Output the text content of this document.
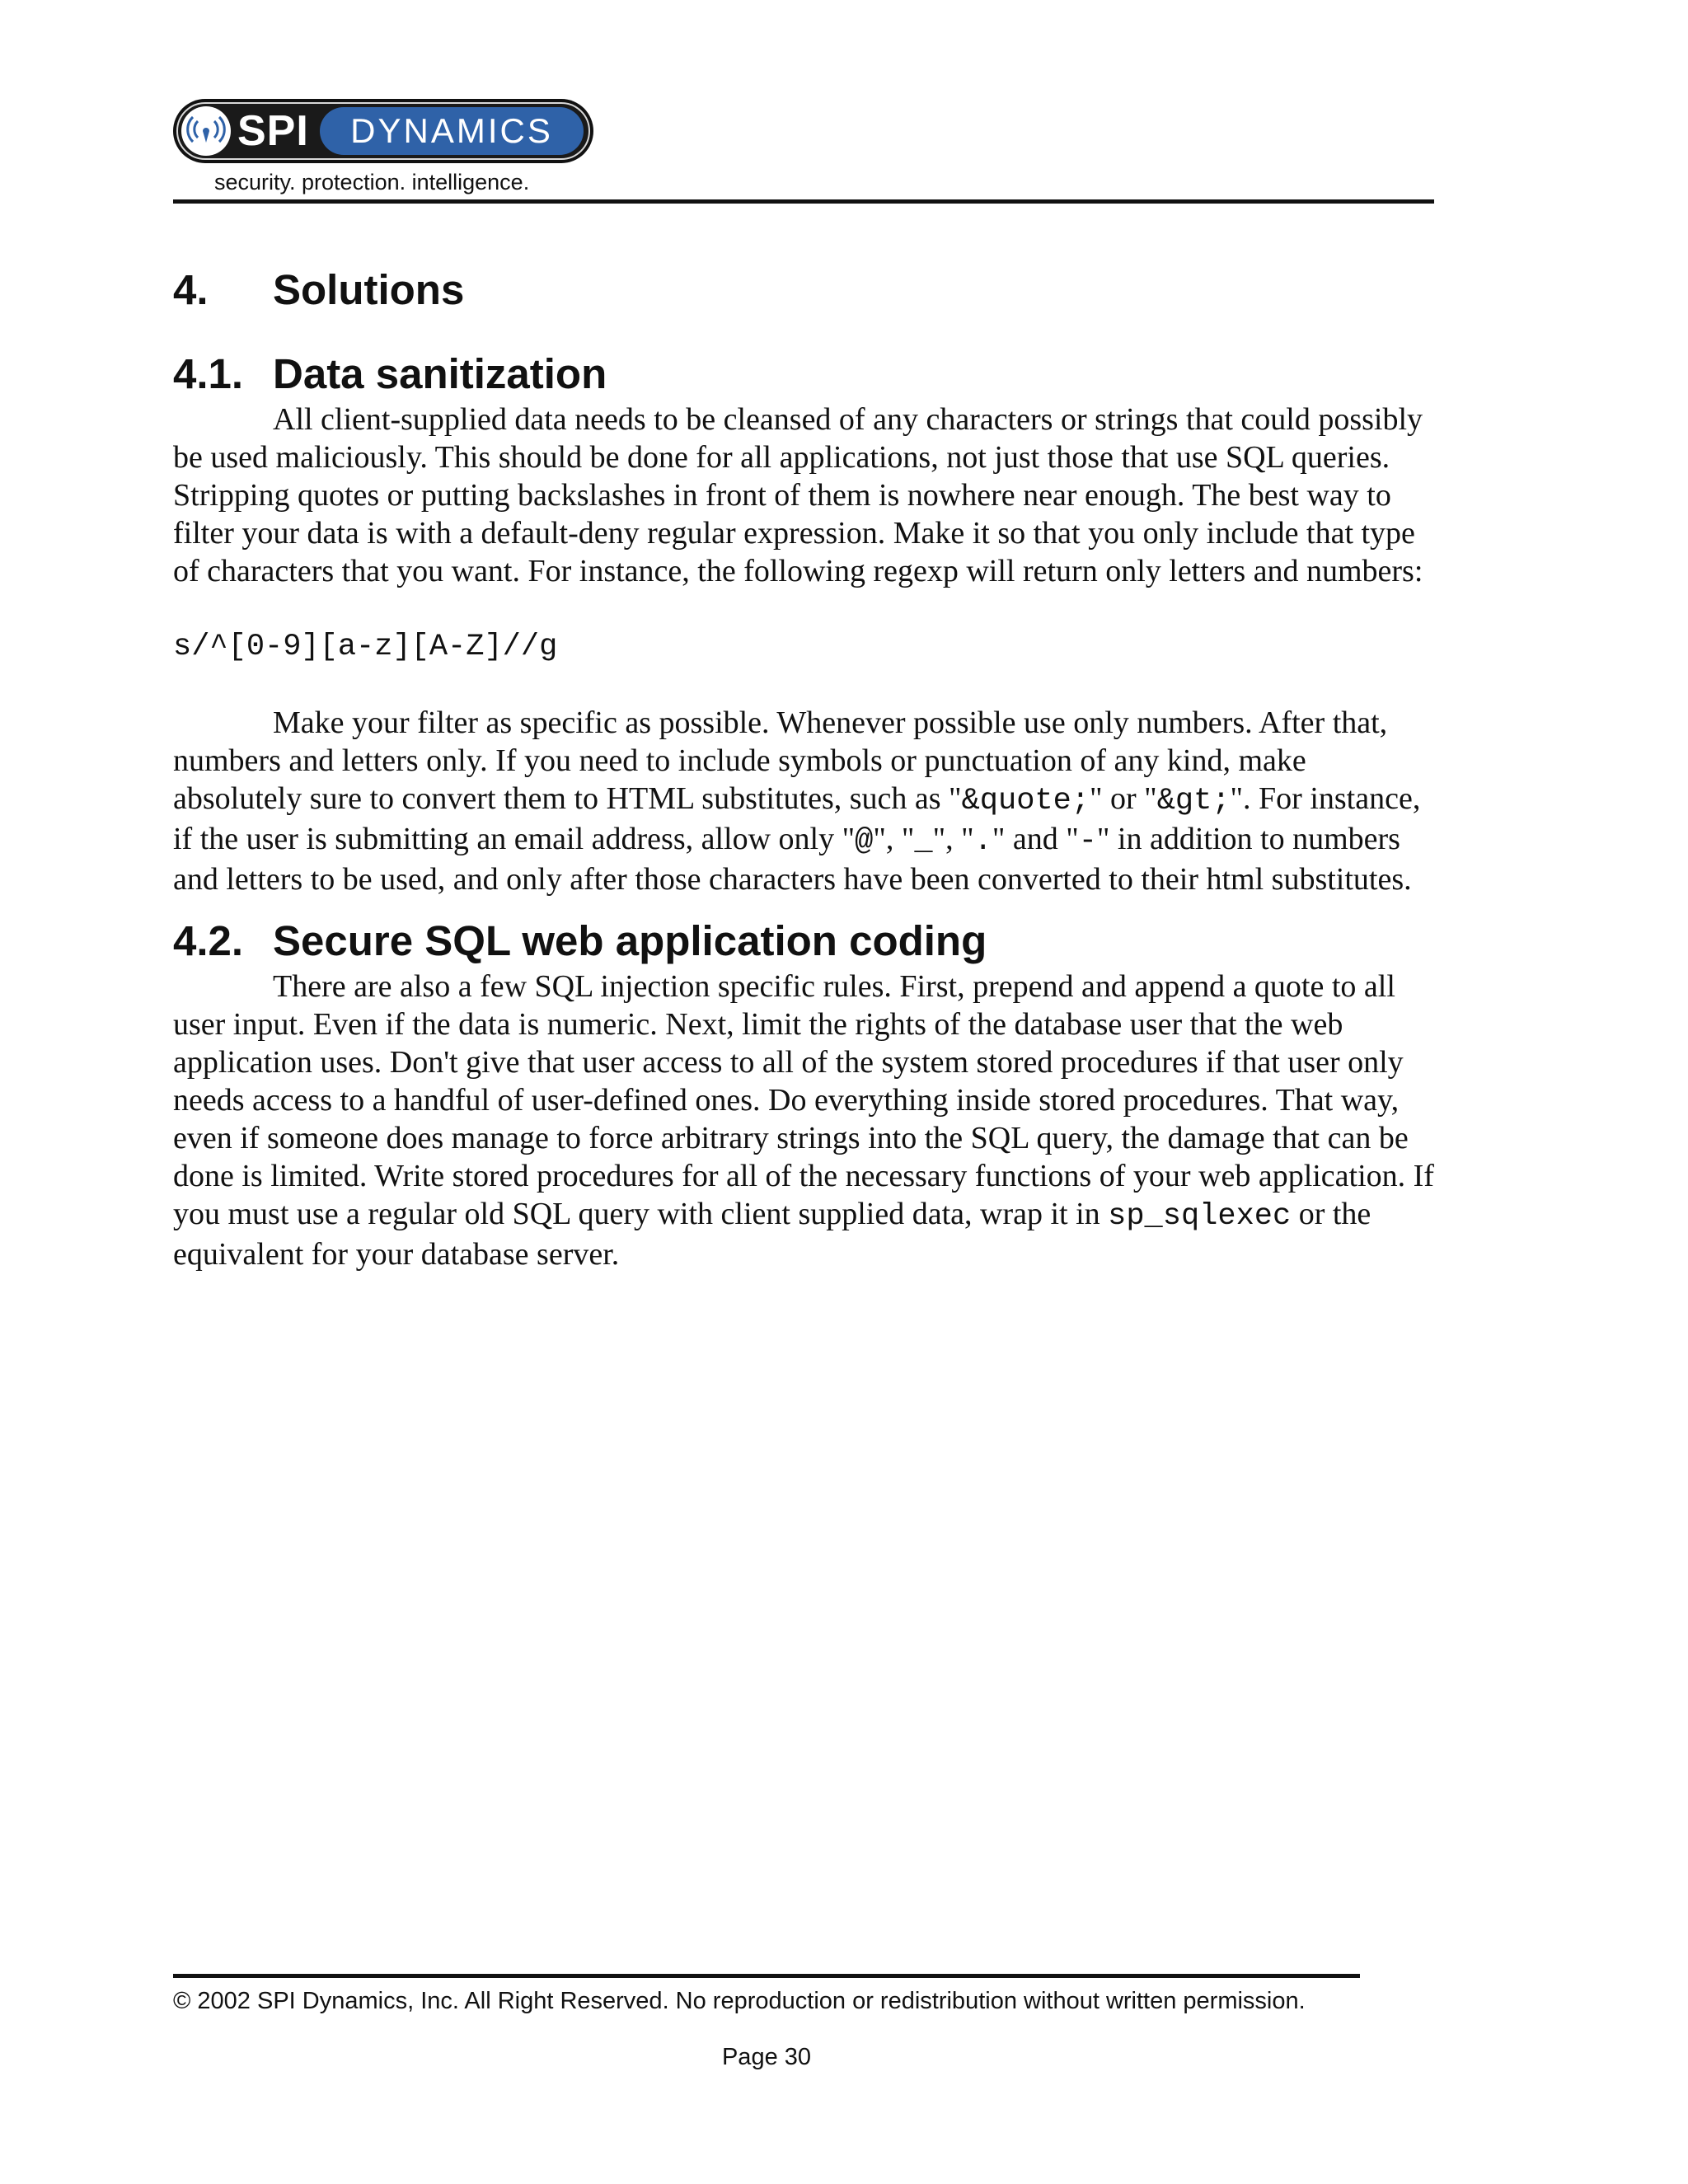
SPI	DYNAMICS
security. protection. intelligence.
4.	Solutions
4.1. Data sanitization

All client-supplied data needs to be cleansed of any characters or strings that could possibly be used maliciously. This should be done for all applications, not just those that use SQL queries. Stripping quotes or putting backslashes in front of them is nowhere near enough. The best way to filter your data is with a default-deny regular expression. Make it so that you only include that type of characters that you want. For instance, the following regexp will return only letters and numbers:

s/^[0-9][a-z][A-Z]//g

Make your filter as specific as possible. Whenever possible use only numbers. After that, numbers and letters only. If you need to include symbols or punctuation of any kind, make absolutely sure to convert them to HTML substitutes, such as "&quote;" or "&gt;". For instance, if the user is submitting an email address, allow only "@", "_", "." and "-" in addition to numbers and letters to be used, and only after those characters have been converted to their html substitutes.

4.2. Secure SQL web application coding

There are also a few SQL injection specific rules. First, prepend and append a quote to all user input. Even if the data is numeric. Next, limit the rights of the database user that the web application uses. Don't give that user access to all of the system stored procedures if that user only needs access to a handful of user-defined ones. Do everything inside stored procedures. That way, even if someone does manage to force arbitrary strings into the SQL query, the damage that can be done is limited. Write stored procedures for all of the necessary functions of your web application. If you must use a regular old SQL query with client supplied data, wrap it in sp_sqlexec or the equivalent for your database server.

© 2002 SPI Dynamics, Inc. All Right Reserved. No reproduction or redistribution without written permission.
Page 30
